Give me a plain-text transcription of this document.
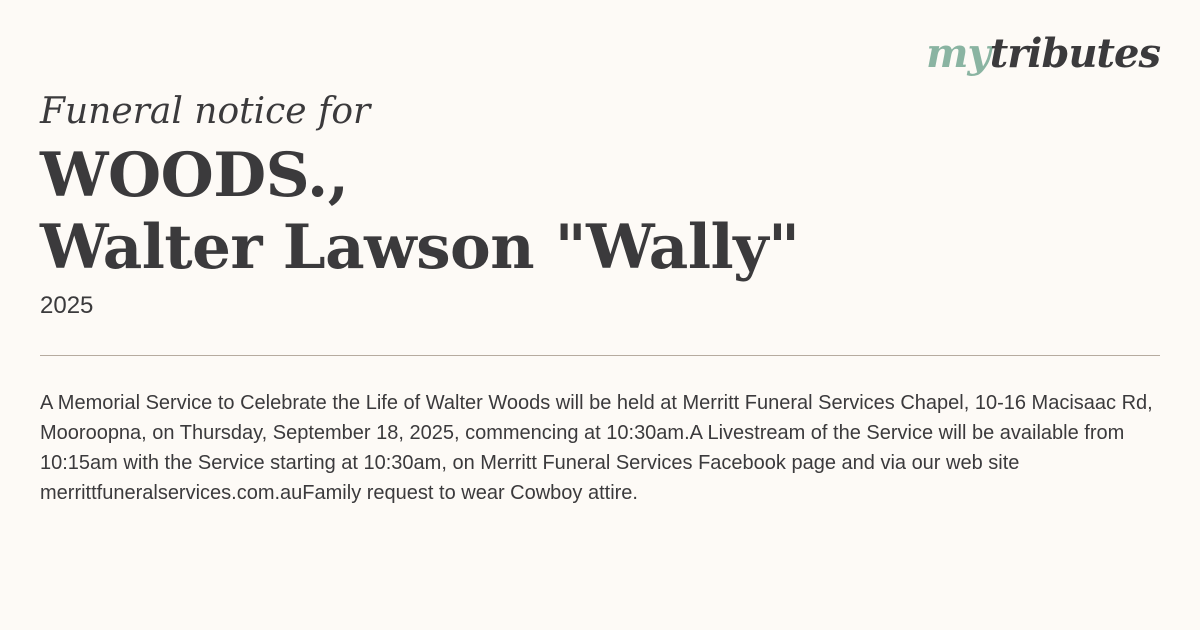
mytributes
Funeral notice for
WOODS.,
Walter Lawson "Wally"
2025
A Memorial Service to Celebrate the Life of Walter Woods will be held at Merritt Funeral Services Chapel, 10-16 Macisaac Rd, Mooroopna, on Thursday, September 18, 2025, commencing at 10:30am.A Livestream of the Service will be available from 10:15am with the Service starting at 10:30am, on Merritt Funeral Services Facebook page and via our web site merrittfuneralservices.com.auFamily request to wear Cowboy attire.
